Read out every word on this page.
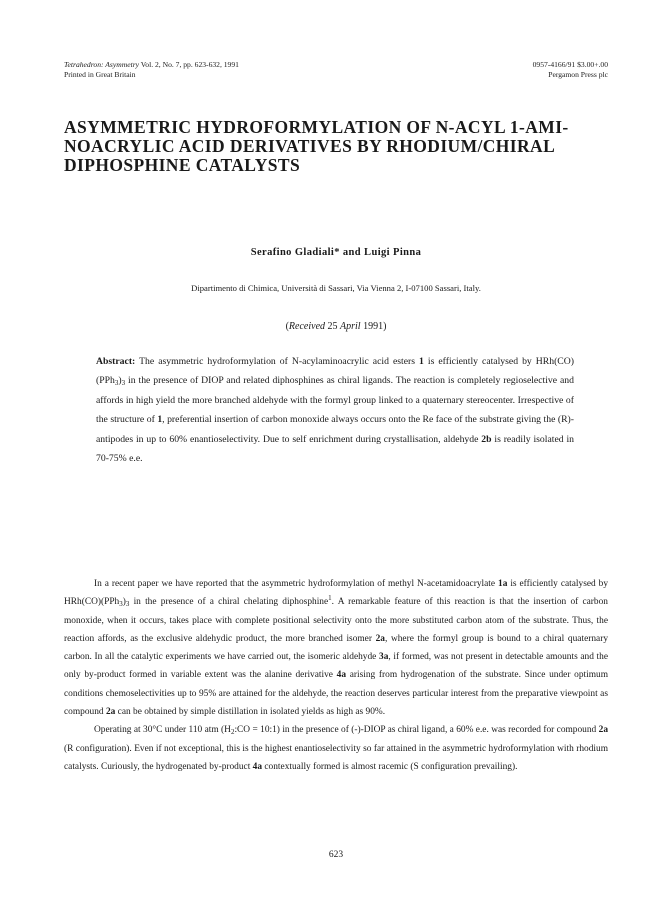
Tetrahedron: Asymmetry Vol. 2, No. 7, pp. 623-632, 1991
Printed in Great Britain
0957-4166/91 $3.00+.00
Pergamon Press plc
ASYMMETRIC HYDROFORMYLATION OF N-ACYL 1-AMI-NOACRYLIC ACID DERIVATIVES BY RHODIUM/CHIRAL DIPHOSPHINE CATALYSTS
Serafino Gladiali* and Luigi Pinna
Dipartimento di Chimica, Università di Sassari, Via Vienna 2, I-07100 Sassari, Italy.
(Received 25 April 1991)
Abstract: The asymmetric hydroformylation of N-acylaminoacrylic acid esters 1 is efficiently catalysed by $HRh(CO)(PPh_3)_3$ in the presence of DIOP and related diphosphines as chiral ligands. The reaction is completely regioselective and affords in high yield the more branched aldehyde with the formyl group linked to a quaternary stereocenter. Irrespective of the structure of 1, preferential insertion of carbon monoxide always occurs onto the Re face of the substrate giving the (R)-antipodes in up to 60% enantioselectivity. Due to self enrichment during crystallisation, aldehyde 2b is readily isolated in 70-75% e.e.

In a recent paper we have reported that the asymmetric hydroformylation of methyl N-acetamidoacrylate 1a is efficiently catalysed by $HRh(CO)(PPh_3)_3$ in the presence of a chiral chelating diphosphine$^1$. A remarkable feature of this reaction is that the insertion of carbon monoxide, when it occurs, takes place with complete positional selectivity onto the more substituted carbon atom of the substrate. Thus, the reaction affords, as the exclusive aldehydic product, the more branched isomer 2a, where the formyl group is bound to a chiral quaternary carbon. In all the catalytic experiments we have carried out, the isomeric aldehyde 3a, if formed, was not present in detectable amounts and the only by-product formed in variable extent was the alanine derivative 4a arising from hydrogenation of the substrate. Since under optimum conditions chemoselectivities up to 95% are attained for the aldehyde, the reaction deserves particular interest from the preparative viewpoint as compound 2a can be obtained by simple distillation in isolated yields as high as 90%.

Operating at 30°C under 110 atm ($H_2:CO$ = 10:1) in the presence of (-)-DIOP as chiral ligand, a 60% e.e. was recorded for compound 2a (R configuration). Even if not exceptional, this is the highest enantioselectivity so far attained in the asymmetric hydroformylation with rhodium catalysts. Curiously, the hydrogenated by-product 4a contextually formed is almost racemic (S configuration prevailing).

623
